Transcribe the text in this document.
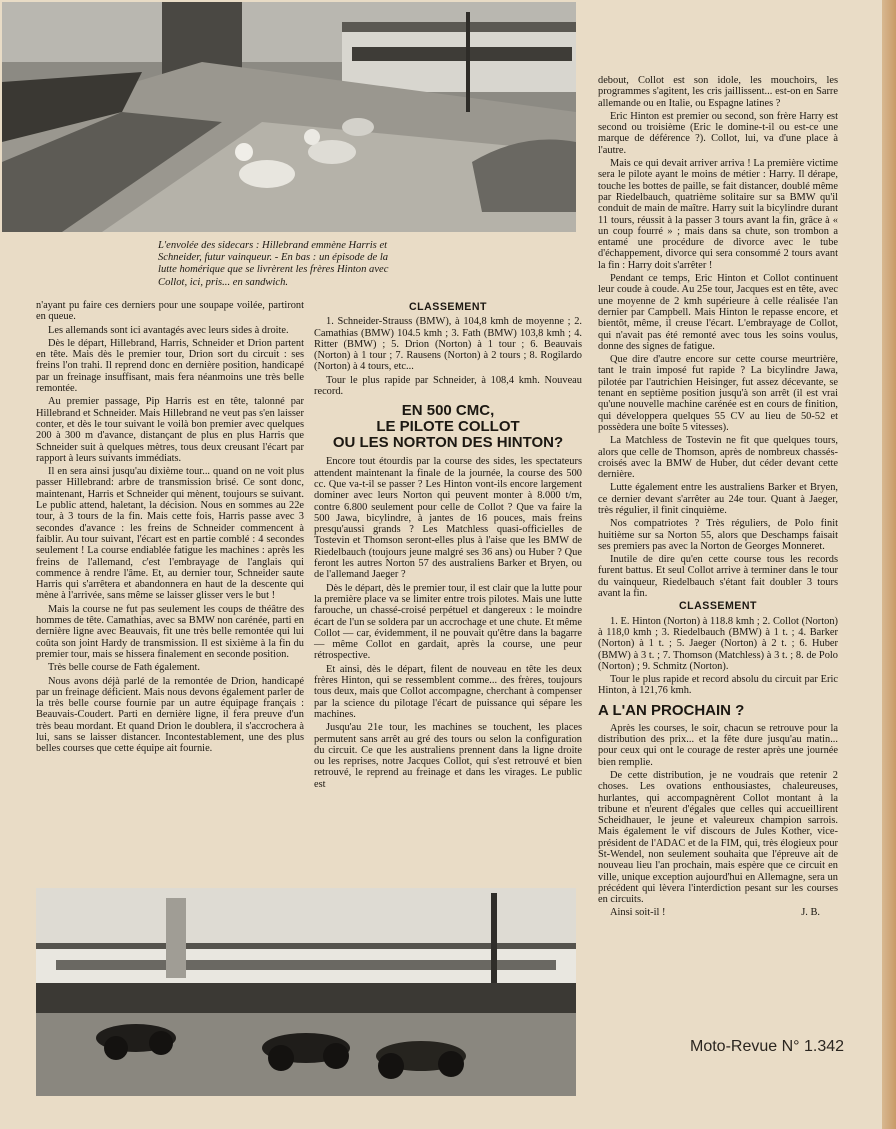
L'envolée des sidecars : Hillebrand emmène Harris et

Schneider, futur vainqueur. - En bas : un épisode de la

lutte homérique que se livrèrent les frères Hinton avec

Collot, ici, pris... en sandwich.

n'ayant pu faire ces derniers pour une soupape voilée, partiront en queue.

Les allemands sont ici avantagés avec leurs sides à droite.

Dès le départ, Hillebrand, Harris, Schneider et Drion partent en tête. Mais dès le premier tour, Drion sort du circuit : ses freins l'on trahi. Il reprend donc en dernière position, handicapé par un freinage insuffisant, mais fera néanmoins une très belle remontée.

Au premier passage, Pip Harris est en tête, talonné par Hillebrand et Schneider. Mais Hillebrand ne veut pas s'en laisser conter, et dès le tour suivant le voilà bon premier avec quelques 200 à 300 m d'avance, distançant de plus en plus Harris que Schneider suit à quelques mètres, tous deux creusant l'écart par rapport à leurs suivants immédiats.

Il en sera ainsi jusqu'au dixième tour... quand on ne voit plus passer Hillebrand: arbre de transmission brisé. Ce sont donc, maintenant, Harris et Schneider qui mènent, toujours se suivant. Le public attend, haletant, la décision. Nous en sommes au 22e tour, à 3 tours de la fin. Mais cette fois, Harris passe avec 3 secondes d'avance : les freins de Schneider commencent à faiblir. Au tour suivant, l'écart est en partie comblé : 4 secondes seulement ! La course endiablée fatigue les machines : après les freins de l'allemand, c'est l'embrayage de l'anglais qui commence à rendre l'âme. Et, au dernier tour, Schneider saute Harris qui s'arrêtera et abandonnera en haut de la descente qui mène à l'arrivée, sans même se laisser glisser vers le but !

Mais la course ne fut pas seulement les coups de théâtre des hommes de tête. Camathias, avec sa BMW non carénée, parti en dernière ligne avec Beauvais, fit une très belle remontée qui lui coûta son joint Hardy de transmission. Il est sixième à la fin du premier tour, mais se hissera finalement en seconde position.

Très belle course de Fath également.

Nous avons déjà parlé de la remontée de Drion, handicapé par un freinage déficient. Mais nous devons également parler de la très belle course fournie par un autre équipage français : Beauvais-Coudert. Parti en dernière ligne, il fera preuve d'un très beau mordant. Et quand Drion le doublera, il s'accrochera à lui, sans se laisser distancer. Incontestablement, une des plus belles courses que cette équipe ait fournie.

CLASSEMENT

1. Schneider-Strauss (BMW), à 104,8 kmh de moyenne ; 2. Camathias (BMW) 104.5 kmh ; 3. Fath (BMW) 103,8 kmh ; 4. Ritter (BMW) ; 5. Drion (Norton) à 1 tour ; 6. Beauvais (Norton) à 1 tour ; 7. Rausens (Norton) à 2 tours ; 8. Rogilardo (Norton) à 4 tours, etc...

Tour le plus rapide par Schneider, à 108,4 kmh. Nouveau record.

EN 500 CMC,
LE PILOTE COLLOT
OU LES NORTON DES HINTON?

Encore tout étourdis par la course des sides, les spectateurs attendent maintenant la finale de la journée, la course des 500 cc. Que va-t-il se passer ? Les Hinton vont-ils encore largement dominer avec leurs Norton qui peuvent monter à 8.000 t/m, contre 6.800 seulement pour celle de Collot ? Que va faire la 500 Jawa, bicylindre, à jantes de 16 pouces, mais freins presqu'aussi grands ? Les Matchless quasi-officielles de Tostevin et Thomson seront-elles plus à l'aise que les BMW de Riedelbauch (toujours jeune malgré ses 36 ans) ou Huber ? Que feront les autres Norton 57 des australiens Barker et Bryen, ou de l'allemand Jaeger ?

Dès le départ, dès le premier tour, il est clair que la lutte pour la première place va se limiter entre trois pilotes. Mais une lutte farouche, un chassé-croisé perpétuel et dangereux : le moindre écart de l'un se soldera par un accrochage et une chute. Et même Collot — car, évidemment, il ne pouvait qu'être dans la bagarre — même Collot en gardait, après la course, une peur rétrospective.

Et ainsi, dès le départ, filent de nouveau en tête les deux frères Hinton, qui se ressemblent comme... des frères, toujours tous deux, mais que Collot accompagne, cherchant à compenser par la science du pilotage l'écart de puissance qui sépare les machines.

Jusqu'au 21e tour, les machines se touchent, les places permutent sans arrêt au gré des tours ou selon la configuration du circuit. Ce que les australiens prennent dans la ligne droite ou les reprises, notre Jacques Collot, qui s'est retrouvé et bien retrouvé, le reprend au freinage et dans les virages. Le public est

debout, Collot est son idole, les mouchoirs, les programmes s'agitent, les cris jaillissent... est-on en Sarre allemande ou en Italie, ou Espagne latines ?

Eric Hinton est premier ou second, son frère Harry est second ou troisième (Eric le domine-t-il ou est-ce une marque de déférence ?). Collot, lui, va d'une place à l'autre.

Mais ce qui devait arriver arriva ! La première victime sera le pilote ayant le moins de métier : Harry. Il dérape, touche les bottes de paille, se fait distancer, doublé même par Riedelbauch, quatrième solitaire sur sa BMW qu'il conduit de main de maître. Harry suit la bicylindre durant 11 tours, réussit à la passer 3 tours avant la fin, grâce à « un coup fourré » ; mais dans sa chute, son trombon a entamé une procédure de divorce avec le tube d'échappement, divorce qui sera consommé 2 tours avant la fin : Harry doit s'arrêter !

Pendant ce temps, Eric Hinton et Collot continuent leur coude à coude. Au 25e tour, Jacques est en tête, avec une moyenne de 2 kmh supérieure à celle réalisée l'an dernier par Campbell. Mais Hinton le repasse encore, et bientôt, même, il creuse l'écart. L'embrayage de Collot, qui n'avait pas été remonté avec tous les soins voulus, donne des signes de fatigue.

Que dire d'autre encore sur cette course meurtrière, tant le train imposé fut rapide ? La bicylindre Jawa, pilotée par l'autrichien Heisinger, fut assez décevante, se tenant en septième position jusqu'à son arrêt (il est vrai qu'une nouvelle machine carénée est en cours de finition, qui développera quelques 55 CV au lieu de 50-52 et possèdera une boîte 5 vitesses).

La Matchless de Tostevin ne fit que quelques tours, alors que celle de Thomson, après de nombreux chassés-croisés avec la BMW de Huber, dut céder devant cette dernière.

Lutte également entre les australiens Barker et Bryen, ce dernier devant s'arrêter au 24e tour. Quant à Jaeger, très régulier, il finit cinquième.

Nos compatriotes ? Très réguliers, de Polo finit huitième sur sa Norton 55, alors que Deschamps faisait ses premiers pas avec la Norton de Georges Monneret.

Inutile de dire qu'en cette course tous les records furent battus. Et seul Collot arrive à terminer dans le tour du vainqueur, Riedelbauch s'étant fait doubler 3 tours avant la fin.

CLASSEMENT

1. E. Hinton (Norton) à 118.8 kmh ; 2. Collot (Norton) à 118,0 kmh ; 3. Riedelbauch (BMW) à 1 t. ; 4. Barker (Norton) à 1 t. ; 5. Jaeger (Norton) à 2 t. ; 6. Huber (BMW) à 3 t. ; 7. Thomson (Matchless) à 3 t. ; 8. de Polo (Norton) ; 9. Schmitz (Norton).

Tour le plus rapide et record absolu du circuit par Eric Hinton, à 121,76 kmh.

A L'AN PROCHAIN ?

Après les courses, le soir, chacun se retrouve pour la distribution des prix... et la fête dure jusqu'au matin... pour ceux qui ont le courage de rester après une journée bien remplie.

De cette distribution, je ne voudrais que retenir 2 choses. Les ovations enthousiastes, chaleureuses, hurlantes, qui accompagnèrent Collot montant à la tribune et n'eurent d'égales que celles qui accueillirent Scheidhauer, le jeune et valeureux champion sarrois. Mais également le vif discours de Jules Kother, vice-président de l'ADAC et de la FIM, qui, très élogieux pour St-Wendel, non seulement souhaita que l'épreuve ait de nouveau lieu l'an prochain, mais espère que ce circuit en ville, unique exception aujourd'hui en Allemagne, sera un précédent qui lèvera l'interdiction pesant sur les courses en circuits.

Ainsi soit-il !	J. B.
Moto-Revue N° 1.342
